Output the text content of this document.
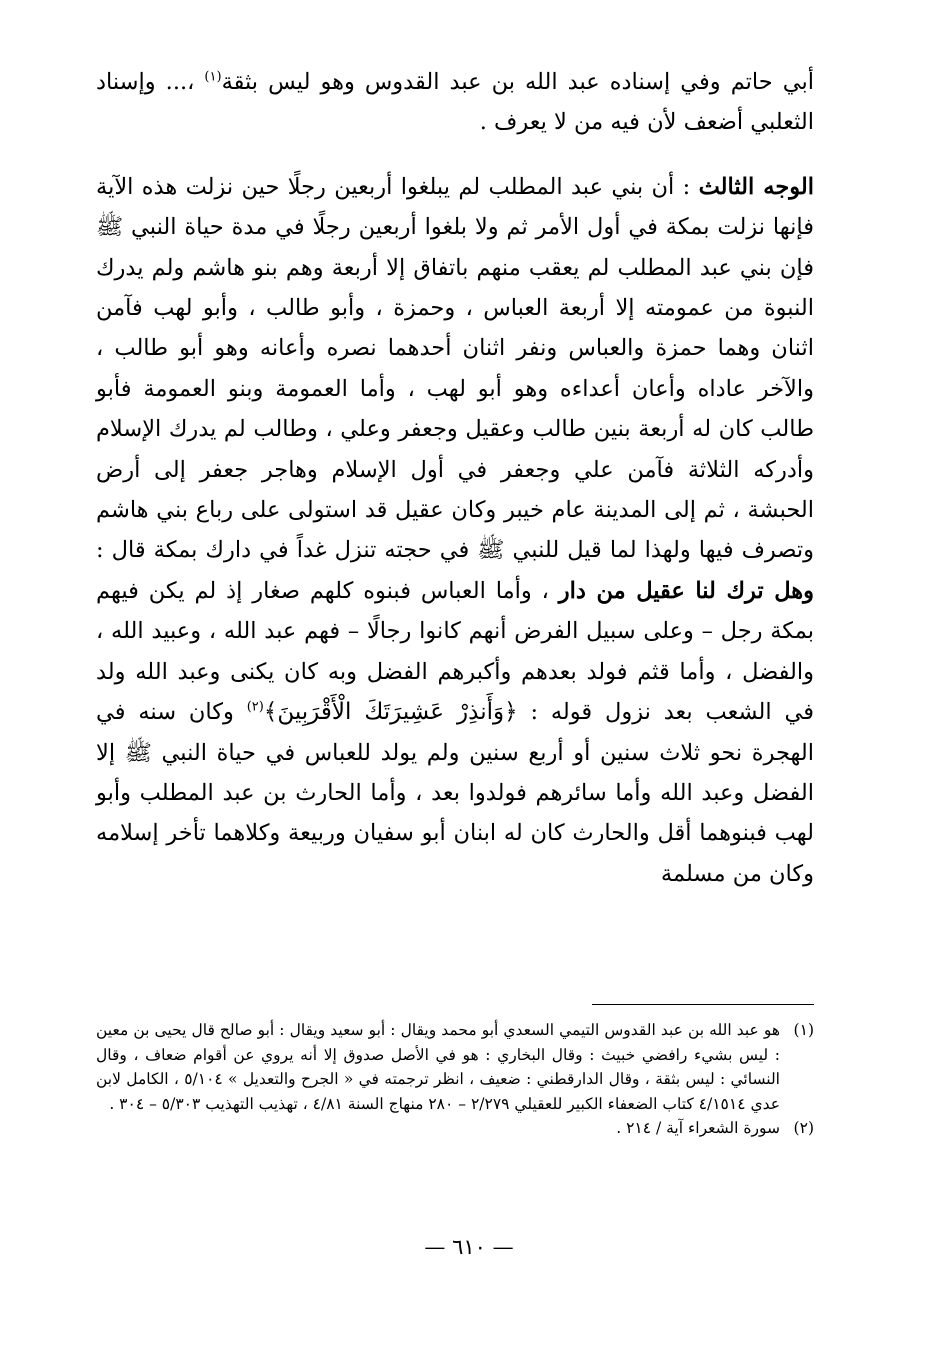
أبي حاتم وفي إسناده عبد الله بن عبد القدوس وهو ليس بثقة$^{(١)}$ ،... وإسناد الثعلبي أضعف لأن فيه من لا يعرف .

الوجه الثالث : أن بني عبد المطلب لم يبلغوا أربعين رجلًا حين نزلت هذه الآية فإنها نزلت بمكة في أول الأمر ثم ولا بلغوا أربعين رجلًا في مدة حياة النبي ﷺ فإن بني عبد المطلب لم يعقب منهم باتفاق إلا أربعة وهم بنو هاشم ولم يدرك النبوة من عمومته إلا أربعة العباس ، وحمزة ، وأبو طالب ، وأبو لهب فآمن اثنان وهما حمزة والعباس ونفر اثنان أحدهما نصره وأعانه وهو أبو طالب ، والآخر عاداه وأعان أعداءه وهو أبو لهب ، وأما العمومة وبنو العمومة فأبو طالب كان له أربعة بنين طالب وعقيل وجعفر وعلي ، وطالب لم يدرك الإسلام وأدركه الثلاثة فآمن علي وجعفر في أول الإسلام وهاجر جعفر إلى أرض الحبشة ، ثم إلى المدينة عام خيبر وكان عقيل قد استولى على رباع بني هاشم وتصرف فيها ولهذا لما قيل للنبي ﷺ في حجته تنزل غداً في دارك بمكة قال : وهل ترك لنا عقيل من دار ، وأما العباس فبنوه كلهم صغار إذ لم يكن فيهم بمكة رجل – وعلى سبيل الفرض أنهم كانوا رجالًا – فهم عبد الله ، وعبيد الله ، والفضل ، وأما قثم فولد بعدهم وأكبرهم الفضل وبه كان يكنى وعبد الله ولد في الشعب بعد نزول قوله : ﴿وَأَنذِرْ عَشِيرَتَكَ الْأَقْرَبِينَ﴾$^{(٢)}$ وكان سنه في الهجرة نحو ثلاث سنين أو أربع سنين ولم يولد للعباس في حياة النبي ﷺ إلا الفضل وعبد الله وأما سائرهم فولدوا بعد ، وأما الحارث بن عبد المطلب وأبو لهب فبنوهما أقل والحارث كان له ابنان أبو سفيان وربيعة وكلاهما تأخر إسلامه وكان من مسلمة

(١)
هو عبد الله بن عبد القدوس التيمي السعدي أبو محمد ويقال : أبو سعيد ويقال : أبو صالح قال يحيى بن معين : ليس بشيء رافضي خبيث : وقال البخاري : هو في الأصل صدوق إلا أنه يروي عن أقوام ضعاف ، وقال النسائي : ليس بثقة ، وقال الدارقطني : ضعيف ، انظر ترجمته في « الجرح والتعديل » ٥/١٠٤ ، الكامل لابن عدي ٤/١٥١٤ كتاب الضعفاء الكبير للعقيلي ٢/٢٧٩ – ٢٨٠ منهاج السنة ٤/٨١ ، تهذيب التهذيب ٥/٣٠٣ – ٣٠٤ .
(٢)
سورة الشعراء آية / ٢١٤ .
— ٦١٠ —
